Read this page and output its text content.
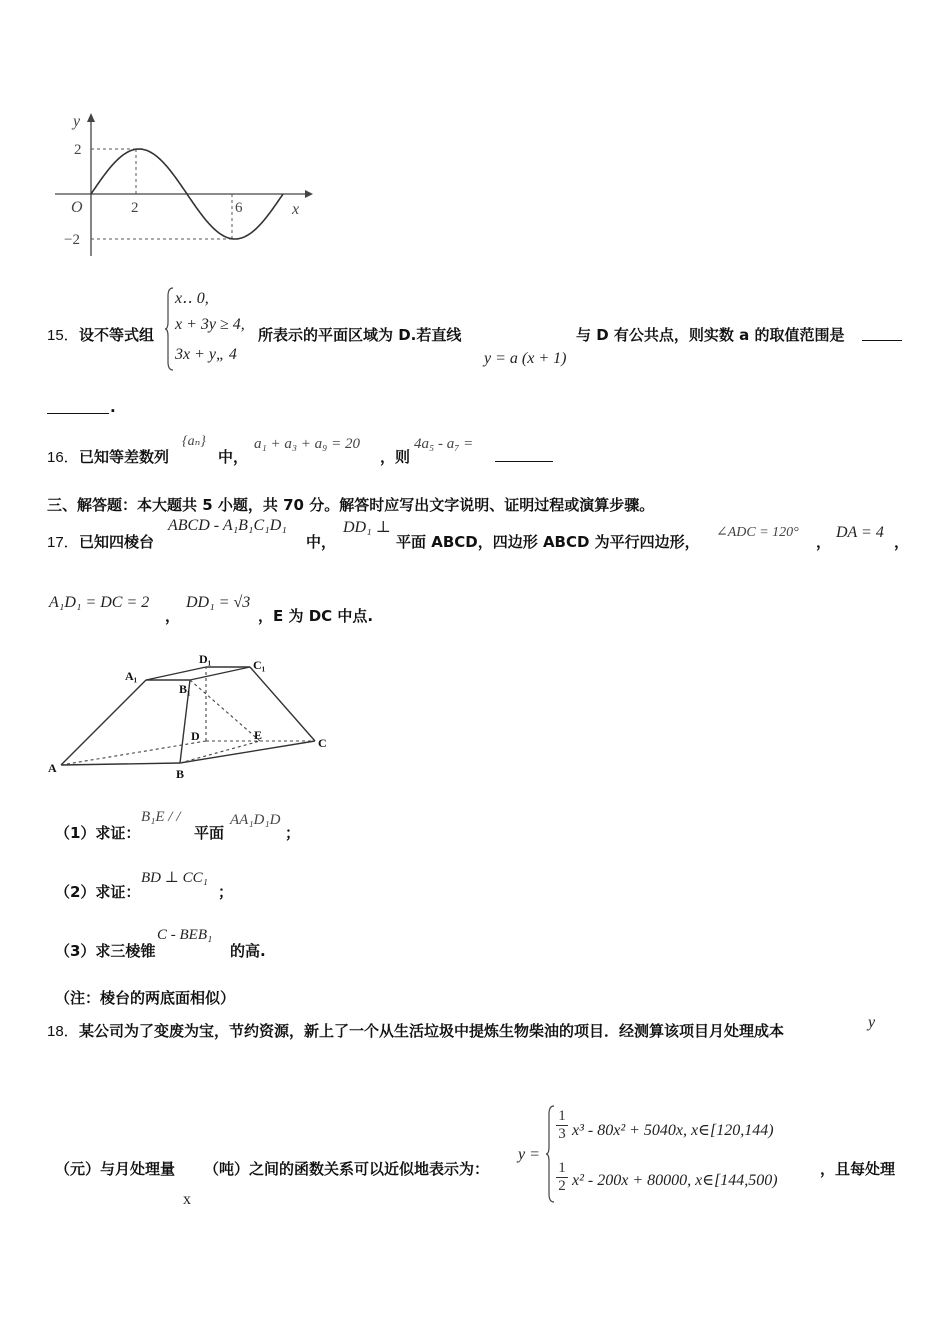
y
x
O
2
−2
2	6
15． 设不等式组
x‥ 0,
x + 3y ≥ 4,
3x + y„ 4
所表示的平面区域为 D.若直线
y = a (x + 1)
与 D 有公共点，则实数 a 的取值范围是
.
16． 已知等差数列
{aₙ}
中，
a₁ + a₃ + a₉ = 20
，则
4a₅ - a₇ =
三、解答题：本大题共 5 小题，共 70 分。解答时应写出文字说明、证明过程或演算步骤。
17． 已知四棱台
ABCD - A₁B₁C₁D₁
中，
DD₁ ⊥
平面 ABCD，四边形 ABCD 为平行四边形，
∠ADC = 120°
，
DA = 4
，
A₁D₁ = DC = 2
，
DD₁ = √3
，E 为 DC 中点.
A	B
C
D	E
A₁
B₁
C₁
D₁
（1）求证：
B₁E / /
平面
AA₁D₁D
；
（2）求证：
BD ⊥ CC₁
；
（3）求三棱锥
C - BEB₁
的高.
（注：棱台的两底面相似）
18． 某公司为了变废为宝，节约资源，新上了一个从生活垃圾中提炼生物柴油的项目．经测算该项目月处理成本	y
（元）与月处理量
x
（吨）之间的函数关系可以近似地表示为：
y =
$\frac{1}{3} x^3 - 80x^2 + 5040x$, x∈[120,144)
$\frac{1}{2} x^2 - 200x + 80000$, x∈[144,500)
，且每处理
